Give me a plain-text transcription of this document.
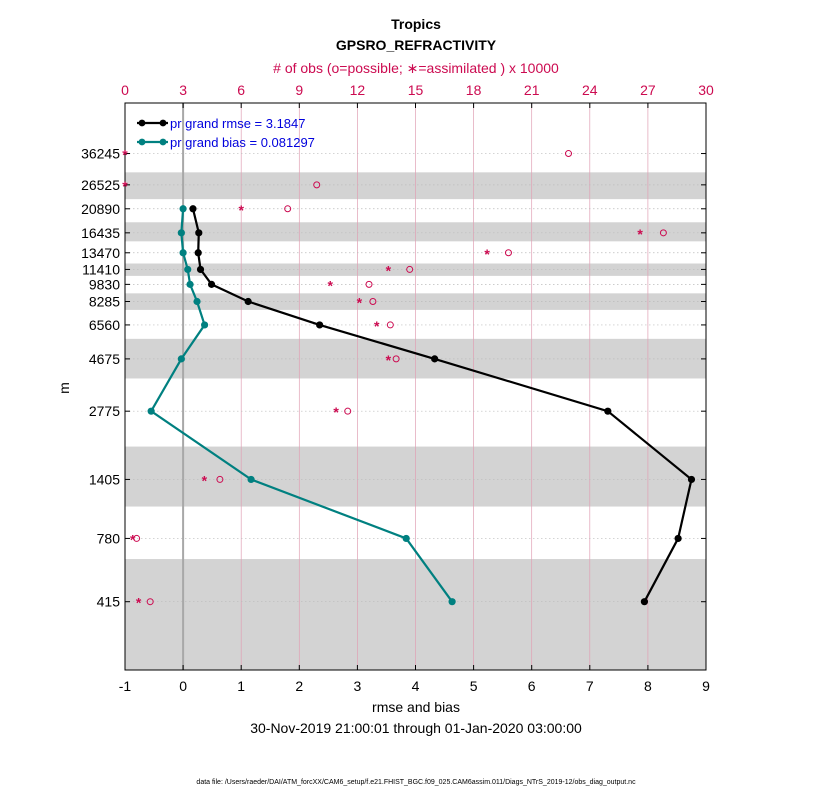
-1	0	1	2	3	4	5	6	7	8	9
0	3	6	9	12	15	18	21	24	27	30
36245
26525
20890
16435
13470
11410
9830
8285
6560
4675
2775
1405
780
415
*
*
*
*
*
*
*
*
*
*
*
*
*
*
pr grand rmse = 3.1847
pr grand bias = 0.081297
Tropics
GPSRO_REFRACTIVITY
# of obs (o=possible; ∗=assimilated ) x 10000
rmse and bias
30-Nov-2019 21:00:01 through 01-Jan-2020 03:00:00
m
data file: /Users/raeder/DAI/ATM_forcXX/CAM6_setup/f.e21.FHIST_BGC.f09_025.CAM6assim.011/Diags_NTrS_2019-12/obs_diag_output.nc
